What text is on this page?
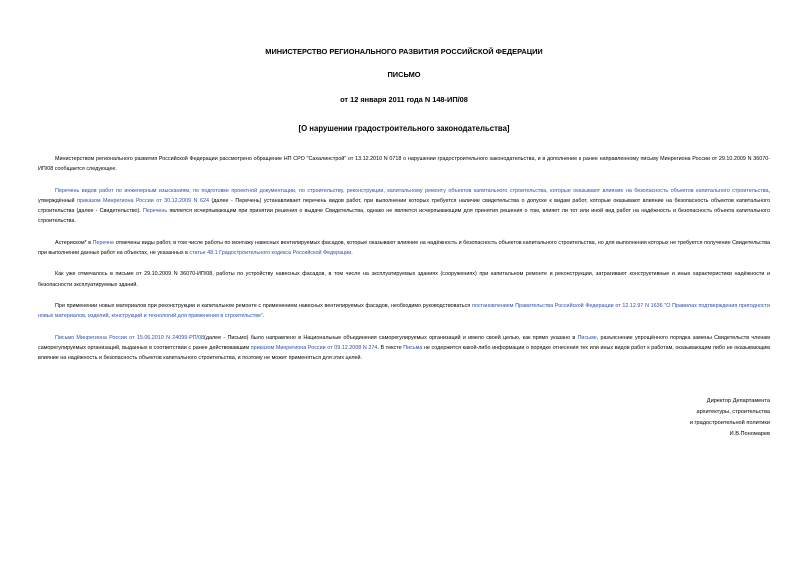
МИНИСТЕРСТВО РЕГИОНАЛЬНОГО РАЗВИТИЯ РОССИЙСКОЙ ФЕДЕРАЦИИ
ПИСЬМО
от 12 января 2011 года N 148-ИП/08
[О нарушении градостроительного законодательства]

Министерством регионального развития Российской Федерации рассмотрено обращение НП СРО "Сахалинстрой" от 13.12.2010 N 0718 о нарушении градостроительного законодательства, и в дополнение к ранее направленному письму Минрегиона России от 29.10.2009 N 36070-ИП/08 сообщается следующее.

Перечень видов работ по инженерным изысканиям, по подготовке проектной документации, по строительству, реконструкции, капитальному ремонту объектов капитального строительства, которые оказывают влияние на безопасность объектов капитального строительства, утверждённый приказом Минрегиона России от 30.12.2009 N 624 (далее - Перечень) устанавливает перечень видов работ, при выполнении которых требуется наличие свидетельства о допуске к видам работ, которые оказывают влияние на безопасность объектов капитального строительства (далее - Свидетельство). Перечень является исчерпывающим при принятии решения о выдаче Свидетельства, однако не является исчерпывающим для принятия решения о том, влияет ли тот или иной вид работ на надёжность и безопасность объекта капитального строительства.

Астериском* в Перечне отмечены виды работ, в том числе работы по монтажу навесных вентилируемых фасадов, которые оказывают влияние на надёжность и безопасность объектов капитального строительства, но для выполнения которых не требуется получение Свидетельства при выполнении данных работ на объектах, не указанных в статье 48.1 Градостроительного кодекса Российской Федерации.

Как уже отмечалось в письме от 29.10.2009 N 36070-ИП/08, работы по устройству навесных фасадов, в том числе на эксплуатируемых зданиях (сооружениях) при капитальном ремонте и реконструкции, затрагивают конструктивные и иные характеристики надёжности и безопасности эксплуатируемых зданий.

При применении новых материалов при реконструкции и капитальном ремонте с применением навесных вентилируемых фасадов, необходимо руководствоваться постановлением Правительства Российской Федерации от 12.12.97 N 1636 "О Правилах подтверждения пригодности новых материалов, изделий, конструкций и технологий для применения в строительстве".

Письмо Минрегиона России от 15.06.2010 N 24099-РП/08(далее - Письмо) было направлено в Национальные объединения саморегулируемых организаций и имело своей целью, как прямо указано в Письме, разъяснение упрощённого порядка замены Свидетельств членам саморегулируемых организаций, выданных в соответствии с ранее действовавшим приказом Минрегиона России от 09.12.2008 N 274. В тексте Письма не содержится какой-либо информации о порядке отнесения тех или иных видов работ к работам, оказывающим либо не оказывающим влияние на надёжность и безопасность объектов капитального строительства, и поэтому не может применяться для этих целей.

Директор Департамента
архитектуры, строительства
и градостроительной политики
И.В.Пономарев
